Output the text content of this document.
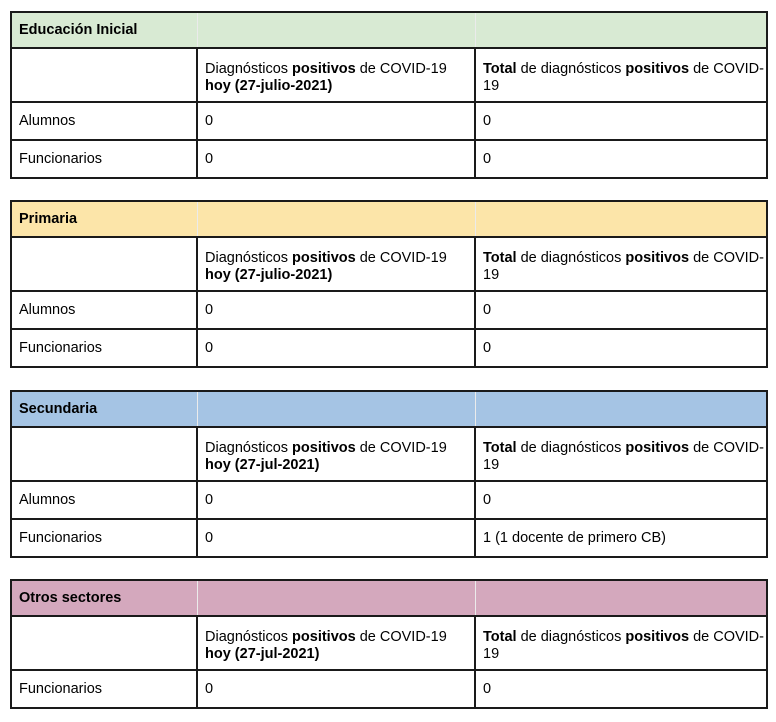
Educación Inicial		
	Diagnósticos positivos de COVID-19 hoy (27-julio-2021)	Total de diagnósticos positivos de COVID-19
Alumnos	0	0
Funcionarios	0	0
Primaria		
	Diagnósticos positivos de COVID-19 hoy (27-julio-2021)	Total de diagnósticos positivos de COVID-19
Alumnos	0	0
Funcionarios	0	0
Secundaria		
	Diagnósticos positivos de COVID-19 hoy (27-jul-2021)	Total de diagnósticos positivos de COVID-19
Alumnos	0	0
Funcionarios	0	1 (1 docente de primero CB)
Otros sectores		
	Diagnósticos positivos de COVID-19 hoy (27-jul-2021)	Total de diagnósticos positivos de COVID-19
Funcionarios	0	0
